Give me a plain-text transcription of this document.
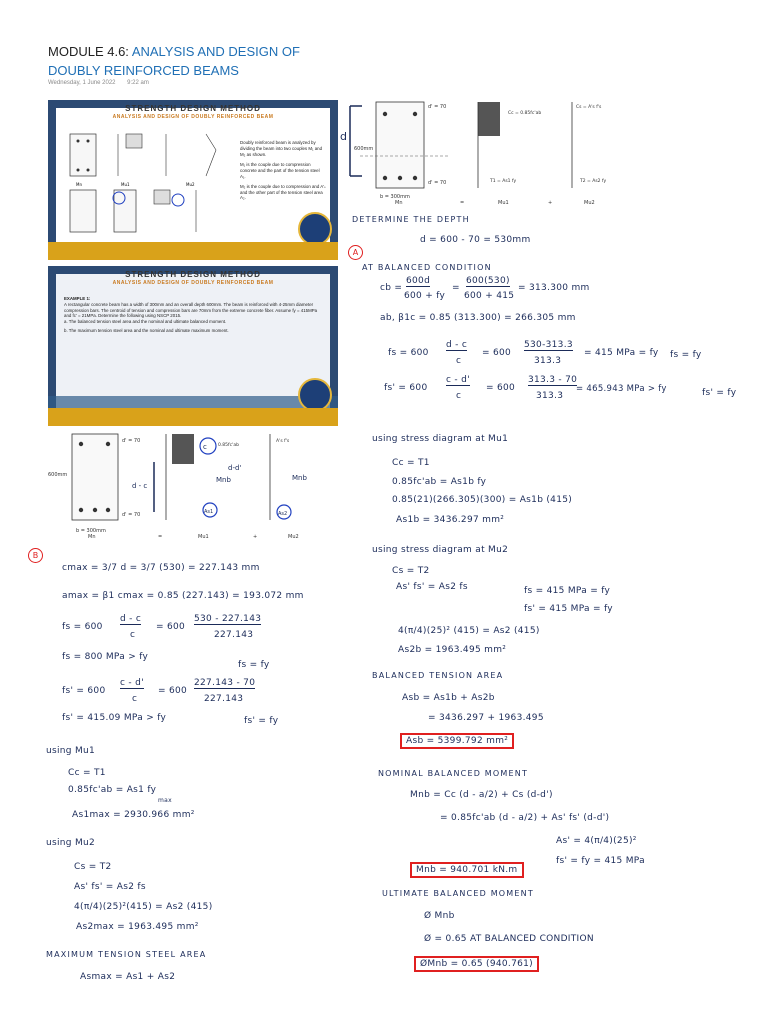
MODULE 4.6: ANALYSIS AND DESIGN OF DOUBLY REINFORCED BEAMS
Wednesday, 1 June 2022 9:22 am
STRENGTH DESIGN METHOD
ANALYSIS AND DESIGN OF DOUBLY REINFORCED BEAM
Mn	Mu1	Mu2
Doubly reinforced beam is analyzed by dividing the beam into two couples M₁ and M₂ as shown.
M₁ is the couple due to compression concrete and the part of the tension steel A₁.
M₂ is the couple due to compression and A'ₛ and the other part of the tension steel area A₂.
STRENGTH DESIGN METHOD
ANALYSIS AND DESIGN OF DOUBLY REINFORCED BEAM
EXAMPLE 1:
A rectangular concrete beam has a width of 300mm and an overall depth 600mm. The beam is reinforced with 4-25mm diameter compression bars. The centroid of tension and compression bars are 70mm from the extreme concrete fiber. Assume fy = 415MPa and fc' = 21MPa. Determine the following using NSCP 2015.
a. The balanced tension steel area and the nominal and ultimate balanced moment.
b. The maximum tension steel area and the nominal and ultimate maximum moment.
d
d' = 70
d' = 70
600mm
b = 300mm
Cc = 0.85fc'ab
Cs = A's f's
T1 = As1 fy	T2 = As2 fy
Mn	=	Mu1	+	Mu2
d' = 70
d' = 70
600mm
b = 300mm
d - c
c 0.85fc'ab
As1
Mnb
A's f's
d-d'
As2
Mnb
Mn	=	Mu1	+	Mu2
DETERMINE THE DEPTH
d = 600 - 70 = 530mm
A
AT BALANCED CONDITION
cb =
600d
600 + fy
=
600(530)
600 + 415
= 313.300 mm
ab, β1c = 0.85 (313.300) = 266.305 mm
fs = 600
d - c
c
= 600
530-313.3
313.3
= 415 MPa = fy fs = fy
fs' = 600
c - d'
c
= 600
313.3 - 70
313.3
= 465.943 MPa > fy	fs' = fy
using stress diagram at Mu1
Cc = T1
0.85fc'ab = As1b fy
0.85(21)(266.305)(300) = As1b (415)
As1b = 3436.297 mm²
using stress diagram at Mu2
Cs = T2
As' fs' = As2 fs	fs = 415 MPa = fy
fs' = 415 MPa = fy
4(π/4)(25)² (415) = As2 (415)
As2b = 1963.495 mm²
BALANCED TENSION AREA
Asb = As1b + As2b
= 3436.297 + 1963.495
Asb = 5399.792 mm²
NOMINAL BALANCED MOMENT
Mnb = Cc (d - a/2) + Cs (d-d')
= 0.85fc'ab (d - a/2) + As' fs' (d-d')
As' = 4(π/4)(25)²
fs' = fy = 415 MPa
Mnb = 940.701 kN.m
ULTIMATE BALANCED MOMENT
Ø Mnb
Ø = 0.65 AT BALANCED CONDITION
ØMnb = 0.65 (940.761)
B
cmax = 3/7 d = 3/7 (530) = 227.143 mm
amax = β1 cmax = 0.85 (227.143) = 193.072 mm
fs = 600
d - c
c
= 600
530 - 227.143
227.143
fs = 800 MPa > fy
fs = fy
fs' = 600
c - d'
c
= 600
227.143 - 70
227.143
fs' = 415.09 MPa > fy	fs' = fy
using Mu1
Cc = T1
0.85fc'ab = As1 fy
max
As1max = 2930.966 mm²
using Mu2
Cs = T2
As' fs' = As2 fs
4(π/4)(25)²(415) = As2 (415)
As2max = 1963.495 mm²
MAXIMUM TENSION STEEL AREA
Asmax = As1 + As2
